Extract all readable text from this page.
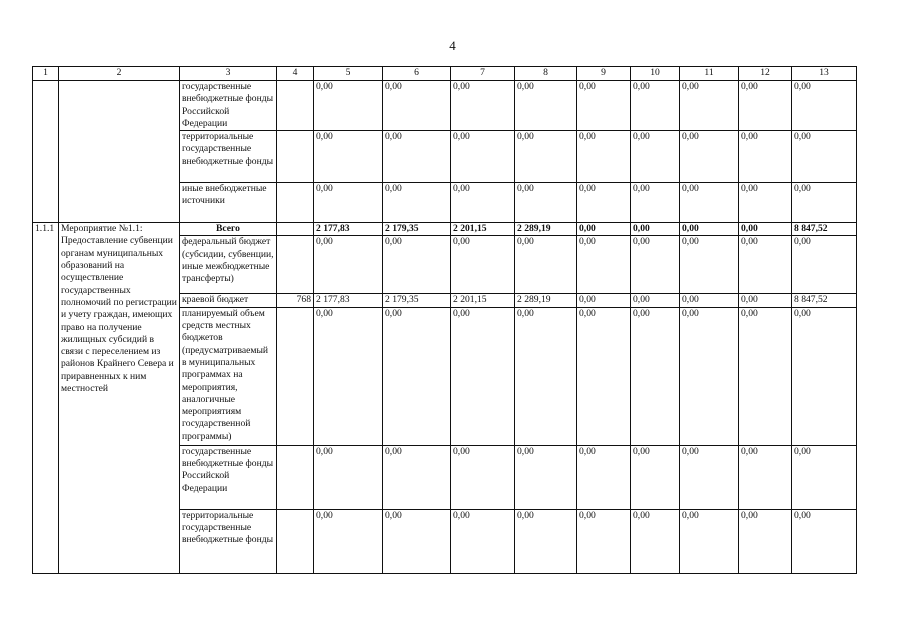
4
1	2	3	4	5	6	7	8	9	10	11	12	13
		государственные внебюджетные фонды Российской Федерации		0,00	0,00	0,00	0,00	0,00	0,00	0,00	0,00	0,00
		территориальные государственные внебюджетные фонды		0,00	0,00	0,00	0,00	0,00	0,00	0,00	0,00	0,00
		иные внебюджетные источники		0,00	0,00	0,00	0,00	0,00	0,00	0,00	0,00	0,00
1.1.1	Мероприятие №1.1: Предоставление субвенции органам муниципальных образований на осуществление государственных полномочий по регистрации и учету граждан, имеющих право на получение жилищных субсидий в связи с переселением из районов Крайнего Севера и приравненных к ним местностей	Всего		2 177,83	2 179,35	2 201,15	2 289,19	0,00	0,00	0,00	0,00	8 847,52
		федеральный бюджет (субсидии, субвенции, иные межбюджетные трансферты)		0,00	0,00	0,00	0,00	0,00	0,00	0,00	0,00	0,00
		краевой бюджет	768	2 177,83	2 179,35	2 201,15	2 289,19	0,00	0,00	0,00	0,00	8 847,52
		планируемый объем средств местных бюджетов (предусматриваемый в муниципальных программах на мероприятия, аналогичные мероприятиям государственной программы)		0,00	0,00	0,00	0,00	0,00	0,00	0,00	0,00	0,00
		государственные внебюджетные фонды Российской Федерации		0,00	0,00	0,00	0,00	0,00	0,00	0,00	0,00	0,00
		территориальные государственные внебюджетные фонды		0,00	0,00	0,00	0,00	0,00	0,00	0,00	0,00	0,00
